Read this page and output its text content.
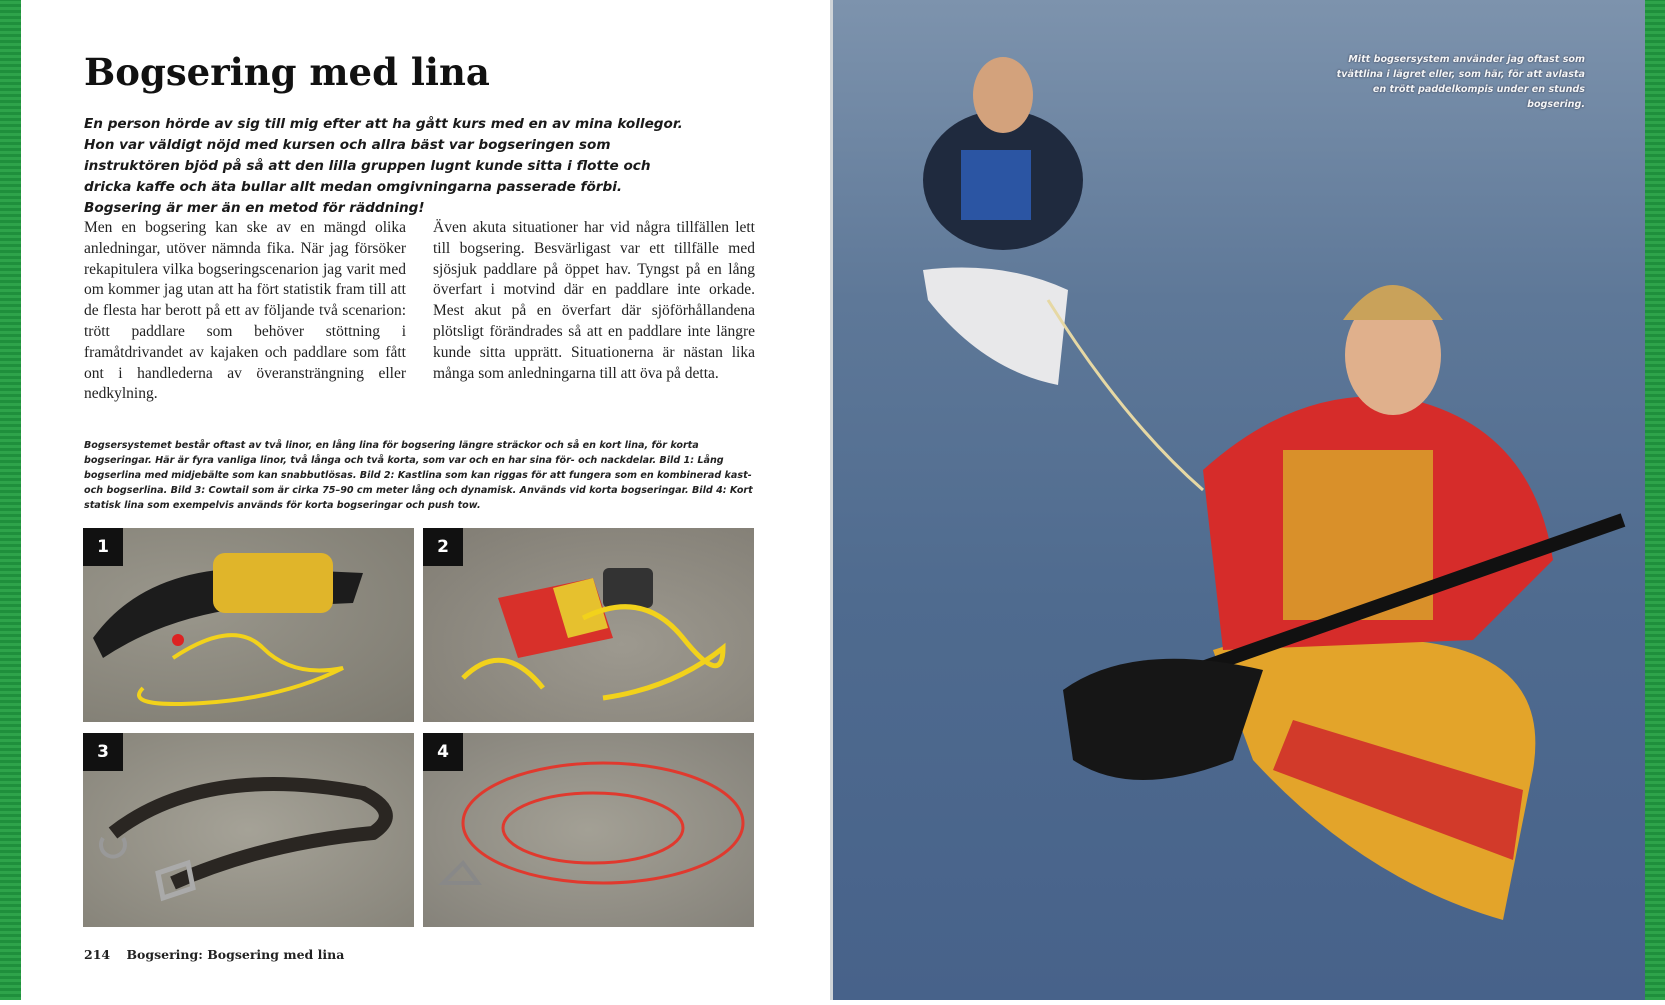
Bogsering med lina

En person hörde av sig till mig efter att ha gått kurs med en av mina kollegor. Hon var väldigt nöjd med kursen och allra bäst var bogseringen som instruktören bjöd på så att den lilla gruppen lugnt kunde sitta i flotte och dricka kaffe och äta bullar allt medan omgivningarna passerade förbi. Bogsering är mer än en metod för räddning!

Men en bogsering kan ske av en mängd olika anledningar, utöver nämnda fika. När jag försöker rekapitulera vilka bogseringscenarion jag varit med om kommer jag utan att ha fört statistik fram till att de flesta har berott på ett av följande två scenarion: trött paddlare som behöver stöttning i framåtdrivandet av kajaken och paddlare som fått ont i handlederna av överansträngning eller nedkylning.

Även akuta situationer har vid några tillfällen lett till bogsering. Besvärligast var ett tillfälle med sjösjuk paddlare på öppet hav. Tyngst på en lång överfart i motvind där en paddlare inte orkade. Mest akut på en överfart där sjöförhållandena plötsligt förändrades så att en paddlare inte längre kunde sitta upprätt. Situationerna är nästan lika många som anledningarna till att öva på detta.

Bogsersystemet består oftast av två linor, en lång lina för bogsering längre sträckor och så en kort lina, för korta bogseringar. Här är fyra vanliga linor, två långa och två korta, som var och en har sina för- och nackdelar. Bild 1: Lång bogserlina med midjebälte som kan snabbutlösas. Bild 2: Kastlina som kan riggas för att fungera som en kombinerad kast- och bogserlina. Bild 3: Cowtail som är cirka 75–90 cm meter lång och dynamisk. Används vid korta bogseringar. Bild 4: Kort statisk lina som exempelvis används för korta bogseringar och push tow.

1	2
3	4
214 Bogsering: Bogsering med lina

Mitt bogsersystem använder jag oftast som tvättlina i lägret eller, som här, för att avlasta en trött paddelkompis under en stunds bogsering.
